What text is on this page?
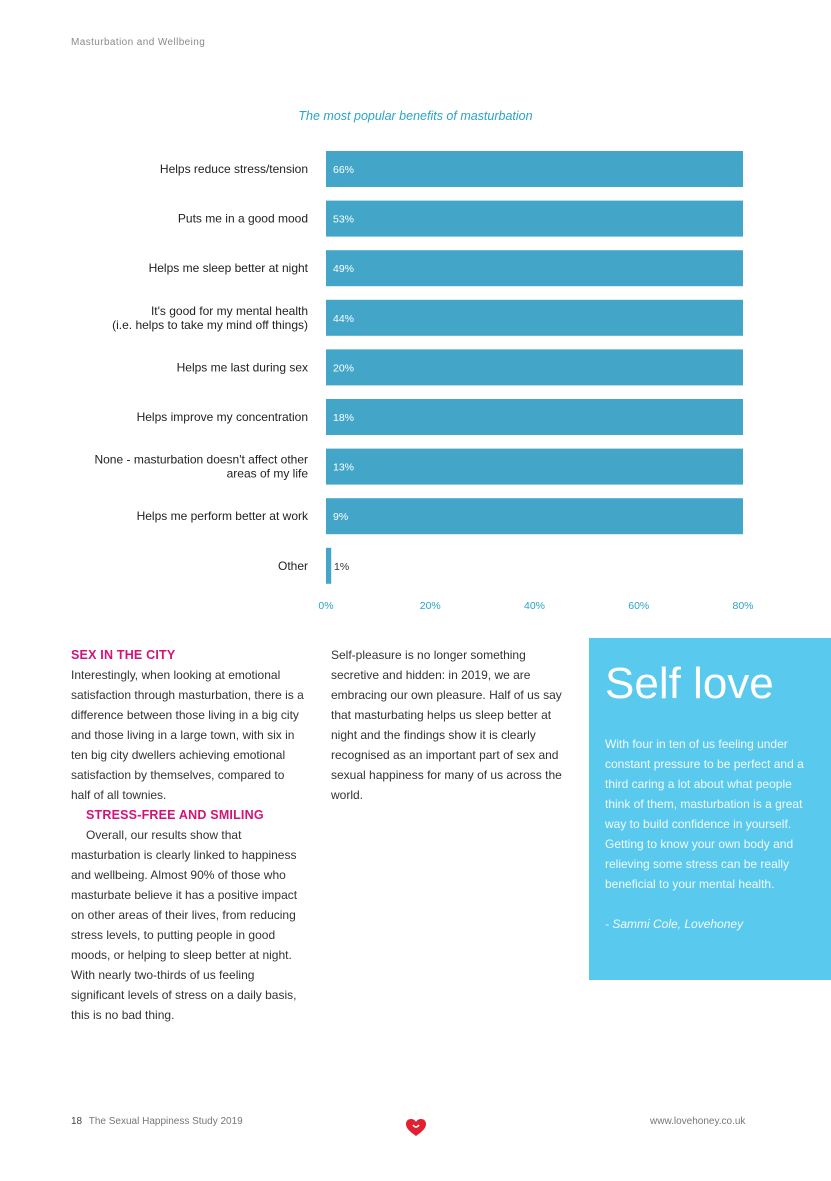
Masturbation and Wellbeing
The most popular benefits of masturbation
66%
Helps reduce stress/tension
53%
Puts me in a good mood
49%
Helps me sleep better at night
44%
It's good for my mental health
(i.e. helps to take my mind off things)
20%
Helps me last during sex
18%
Helps improve my concentration
13%
None - masturbation doesn't affect other
areas of my life
9%
Helps me perform better at work
1%
Other
0%	20%	40%	60%	80%

SEX IN THE CITY

Interestingly, when looking at emotional satisfaction through masturbation, there is a difference between those living in a big city and those living in a large town, with six in ten big city dwellers achieving emotional satisfaction by themselves, compared to half of all townies.

STRESS-FREE AND SMILING

Overall, our results show that masturbation is clearly linked to happiness and wellbeing. Almost 90% of those who masturbate believe it has a positive impact on other areas of their lives, from reducing stress levels, to putting people in good moods, or helping to sleep better at night. With nearly two-thirds of us feeling significant levels of stress on a daily basis, this is no bad thing.

Self-pleasure is no longer something secretive and hidden: in 2019, we are embracing our own pleasure. Half of us say that masturbating helps us sleep better at night and the findings show it is clearly recognised as an important part of sex and sexual happiness for many of us across the world.

Self love

With four in ten of us feeling under constant pressure to be perfect and a third caring a lot about what people think of them, masturbation is a great way to build confidence in yourself. Getting to know your own body and relieving some stress can be really beneficial to your mental health.

- Sammi Cole, Lovehoney

18 The Sexual Happiness Study 2019	www.lovehoney.co.uk
